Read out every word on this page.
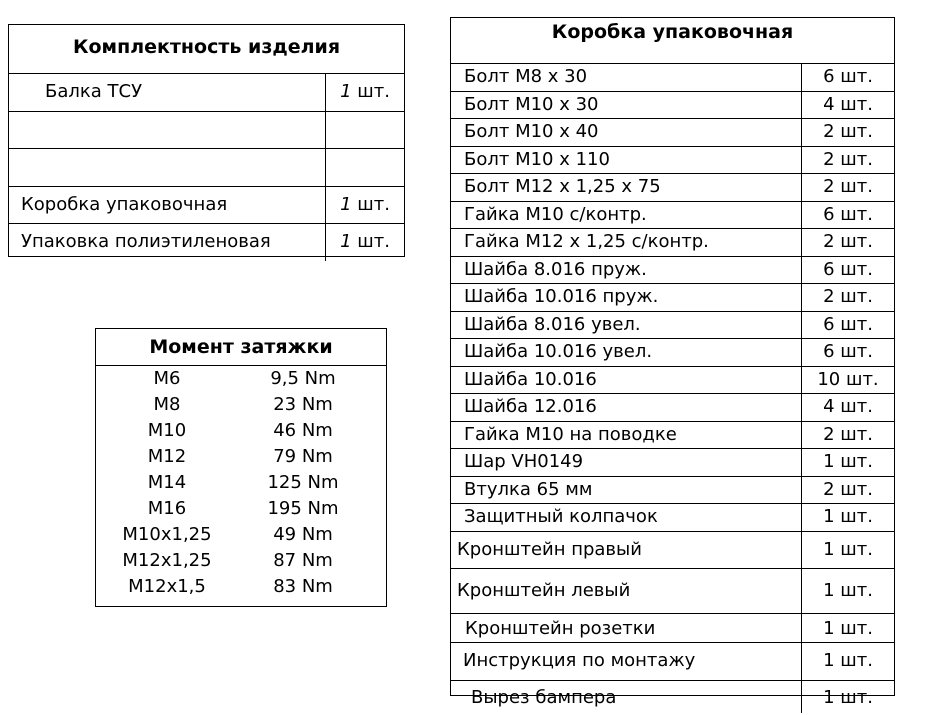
Комплектность изделия
Балка ТСУ	1 шт.
Коробка упаковочная	1 шт.
Упаковка полиэтиленовая	1 шт.
Момент затяжки
M6	9,5 Nm
M8	23 Nm
M10	46 Nm
M12	79 Nm
M14	125 Nm
M16	195 Nm
M10x1,25	49 Nm
M12x1,25	87 Nm
M12x1,5	83 Nm
Коробка упаковочная
Болт М8 х 30	6 шт.
Болт М10 х 30	4 шт.
Болт М10 х 40	2 шт.
Болт М10 х 110	2 шт.
Болт М12 х 1,25 х 75	2 шт.
Гайка М10 с/контр.	6 шт.
Гайка М12 х 1,25 с/контр.	2 шт.
Шайба 8.016 пруж.	6 шт.
Шайба 10.016 пруж.	2 шт.
Шайба 8.016 увел.	6 шт.
Шайба 10.016 увел.	6 шт.
Шайба 10.016	10 шт.
Шайба 12.016	4 шт.
Гайка М10 на поводке	2 шт.
Шар VH0149	1 шт.
Втулка 65 мм	2 шт.
Защитный колпачок	1 шт.
Кронштейн правый	1 шт.
Кронштейн левый	1 шт.
Кронштейн розетки	1 шт.
Инструкция по монтажу	1 шт.
Вырез бампера	1 шт.
